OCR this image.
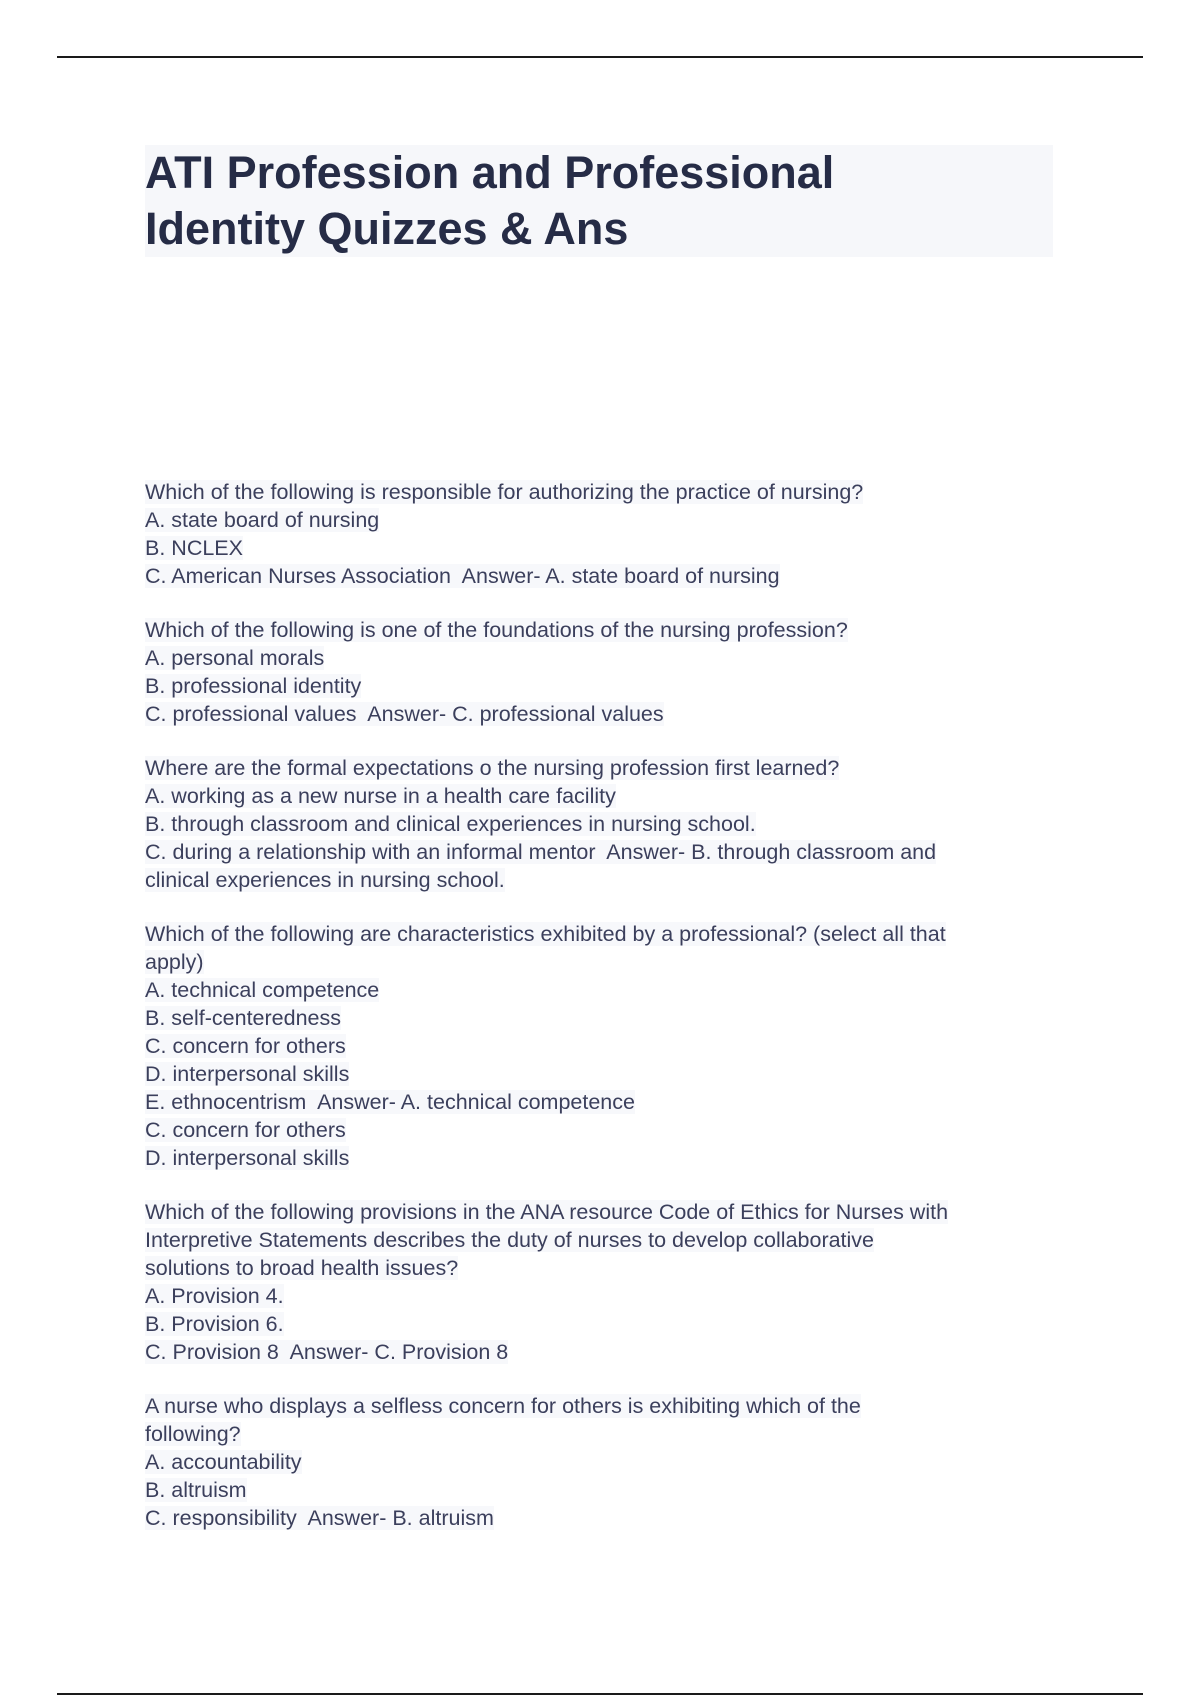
ATI Profession and Professional
Identity Quizzes & Ans
Which of the following is responsible for authorizing the practice of nursing?
A. state board of nursing
B. NCLEX
C. American Nurses Association  Answer- A. state board of nursing
Which of the following is one of the foundations of the nursing profession?
A. personal morals
B. professional identity
C. professional values  Answer- C. professional values
Where are the formal expectations o the nursing profession first learned?
A. working as a new nurse in a health care facility
B. through classroom and clinical experiences in nursing school.
C. during a relationship with an informal mentor  Answer- B. through classroom and
clinical experiences in nursing school.
Which of the following are characteristics exhibited by a professional? (select all that
apply)
A. technical competence
B. self-centeredness
C. concern for others
D. interpersonal skills
E. ethnocentrism  Answer- A. technical competence
C. concern for others
D. interpersonal skills
Which of the following provisions in the ANA resource Code of Ethics for Nurses with
Interpretive Statements describes the duty of nurses to develop collaborative
solutions to broad health issues?
A. Provision 4.
B. Provision 6.
C. Provision 8  Answer- C. Provision 8
A nurse who displays a selfless concern for others is exhibiting which of the
following?
A. accountability
B. altruism
C. responsibility  Answer- B. altruism
